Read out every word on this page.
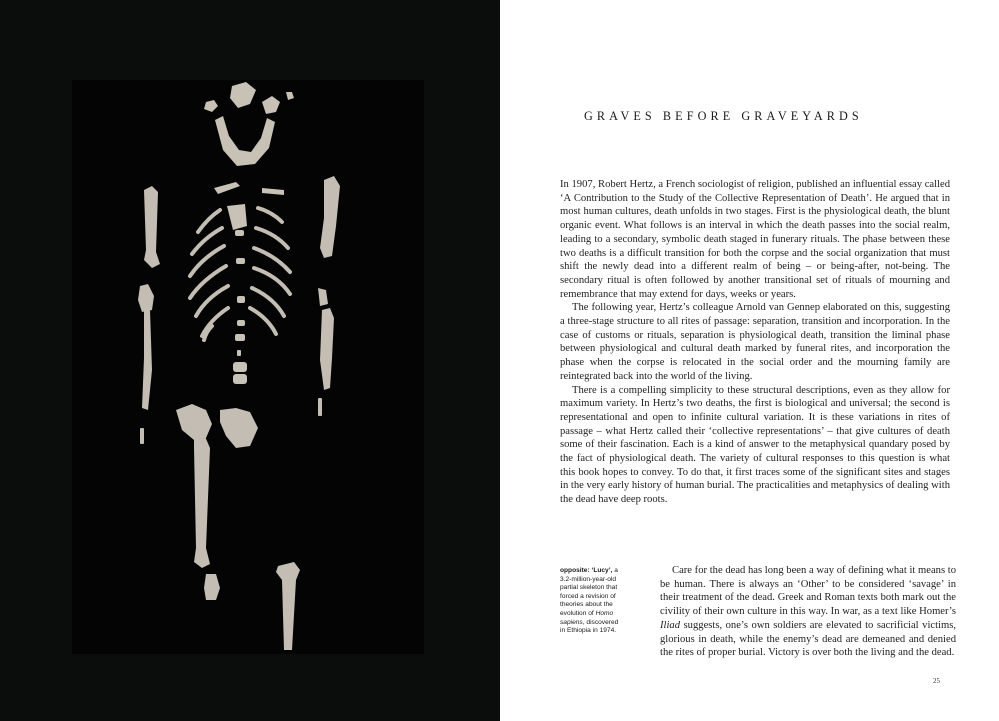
GRAVES BEFORE GRAVEYARDS

In 1907, Robert Hertz, a French sociologist of religion, published an influential essay called ‘A Contribution to the Study of the Collective Representation of Death’. He argued that in most human cultures, death unfolds in two stages. First is the physiological death, the blunt organic event. What follows is an interval in which the death passes into the social realm, leading to a secondary, symbolic death staged in funerary rituals. The phase between these two deaths is a difficult transition for both the corpse and the social organization that must shift the newly dead into a different realm of being – or being-after, not-being. The secondary ritual is often followed by another transitional set of rituals of mourning and remembrance that may extend for days, weeks or years.

The following year, Hertz’s colleague Arnold van Gennep elaborated on this, suggesting a three-stage structure to all rites of passage: separation, transition and incorporation. In the case of customs or rituals, separation is physiological death, transition the liminal phase between physiological and cultural death marked by funeral rites, and incorporation the phase when the corpse is relocated in the social order and the mourning family are reintegrated back into the world of the living.

There is a compelling simplicity to these structural descriptions, even as they allow for maximum variety. In Hertz’s two deaths, the first is biological and universal; the second is representational and open to infinite cultural variation. It is these variations in rites of passage – what Hertz called their ‘collective representations’ – that give cultures of death some of their fascination. Each is a kind of answer to the metaphysical quandary posed by the fact of physiological death. The variety of cultural responses to this question is what this book hopes to convey. To do that, it first traces some of the significant sites and stages in the very early history of human burial. The practicalities and metaphysics of dealing with the dead have deep roots.

opposite: ‘Lucy’, a 3.2-million-year-old partial skeleton that forced a revision of theories about the evolution of Homo sapiens, discovered in Ethiopia in 1974.

Care for the dead has long been a way of defining what it means to be human. There is always an ‘Other’ to be considered ‘savage’ in their treatment of the dead. Greek and Roman texts both mark out the civility of their own culture in this way. In war, as a text like Homer’s Iliad suggests, one’s own soldiers are elevated to sacrificial victims, glorious in death, while the enemy’s dead are demeaned and denied the rites of proper burial. Victory is over both the living and the dead.

25
